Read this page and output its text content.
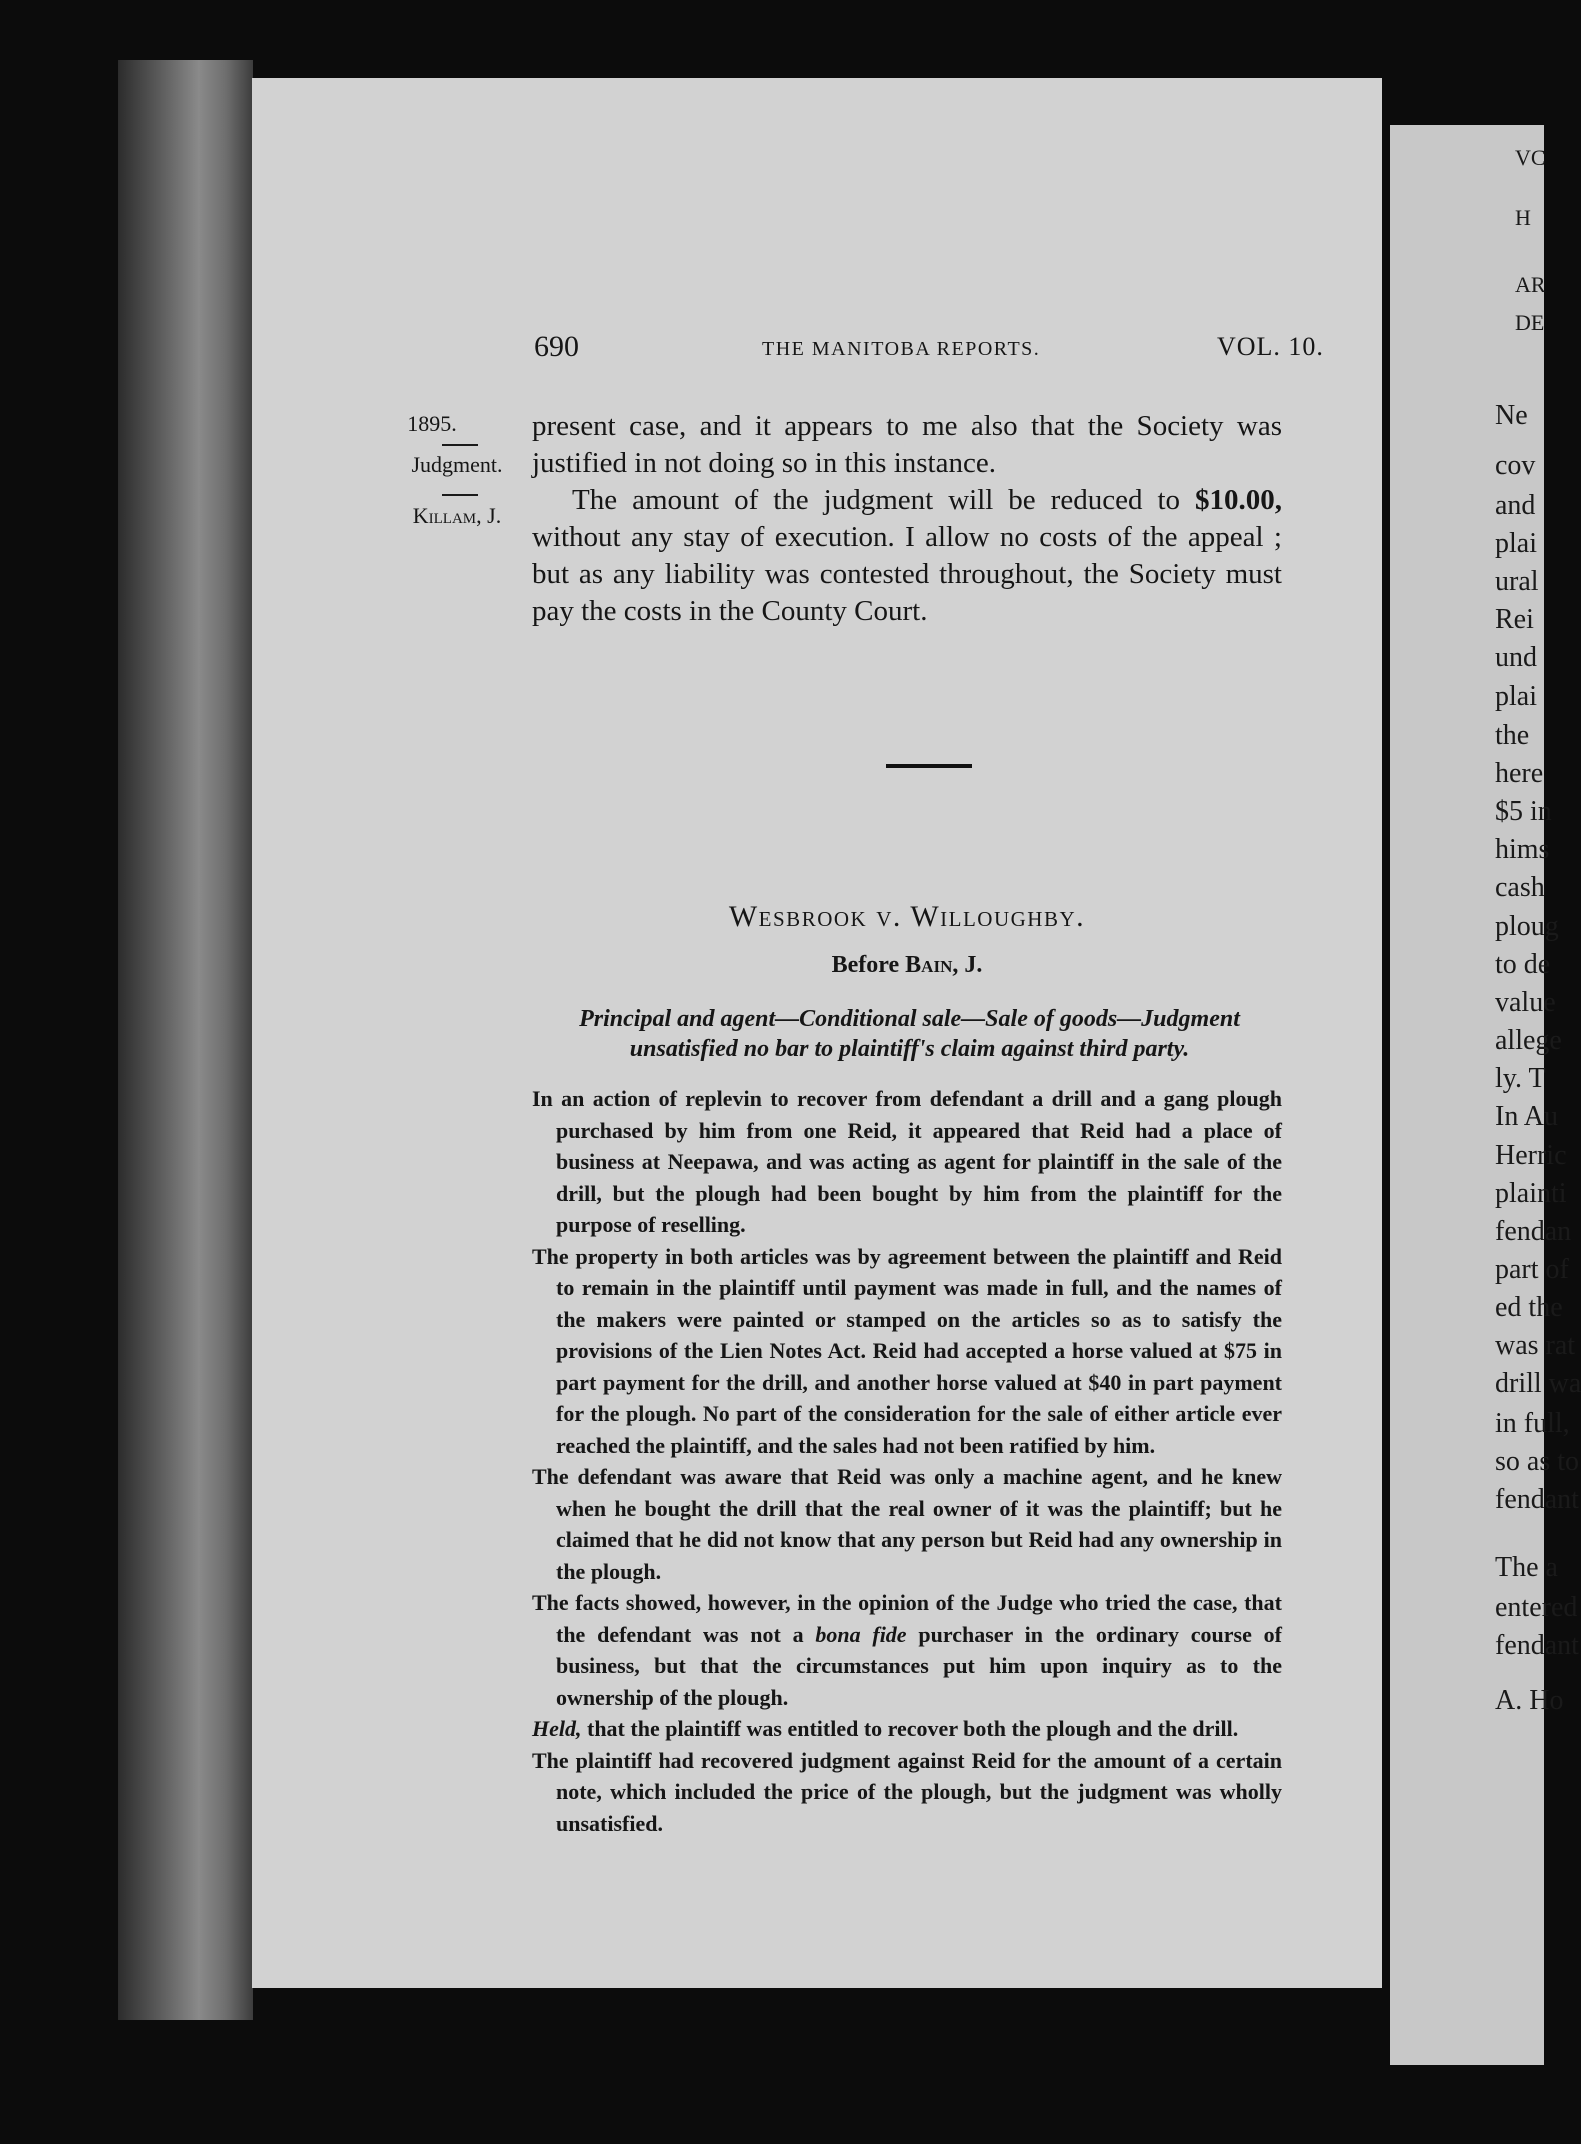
690	THE MANITOBA REPORTS.	VOL. 10.
1895.
Judgment.
Killam, J.

present case, and it appears to me also that the Society was justified in not doing so in this instance.

The amount of the judgment will be reduced to $10.00, without any stay of execution. I allow no costs of the appeal ; but as any liability was contested throughout, the Society must pay the costs in the County Court.

Wesbrook v. Willoughby.
Before Bain, J.
Principal and agent—Conditional sale—Sale of goods—Judgment unsatisfied no bar to plaintiff's claim against third party.

In an action of replevin to recover from defendant a drill and a gang plough purchased by him from one Reid, it appeared that Reid had a place of business at Neepawa, and was acting as agent for plaintiff in the sale of the drill, but the plough had been bought by him from the plaintiff for the purpose of reselling.

The property in both articles was by agreement between the plaintiff and Reid to remain in the plaintiff until payment was made in full, and the names of the makers were painted or stamped on the articles so as to satisfy the provisions of the Lien Notes Act. Reid had accepted a horse valued at $75 in part payment for the drill, and another horse valued at $40 in part payment for the plough. No part of the consideration for the sale of either article ever reached the plaintiff, and the sales had not been ratified by him.

The defendant was aware that Reid was only a machine agent, and he knew when he bought the drill that the real owner of it was the plaintiff; but he claimed that he did not know that any person but Reid had any ownership in the plough.

The facts showed, however, in the opinion of the Judge who tried the case, that the defendant was not a bona fide purchaser in the ordinary course of business, but that the circumstances put him upon inquiry as to the ownership of the plough.

Held, that the plaintiff was entitled to recover both the plough and the drill.

The plaintiff had recovered judgment against Reid for the amount of a certain note, which included the price of the plough, but the judgment was wholly unsatisfied.

VC
H
AR
DE
Ne
cov
and
plai
ural
Rei
und
plai
the
here
$5 in
hims
cash
ploug
to de
value
allege
ly. T
In Au
Herric
plainti
fendan
part of
ed the
was rat
drill wa
in full,
so as to
fendant
The a
entered
fendant
A. Ho
